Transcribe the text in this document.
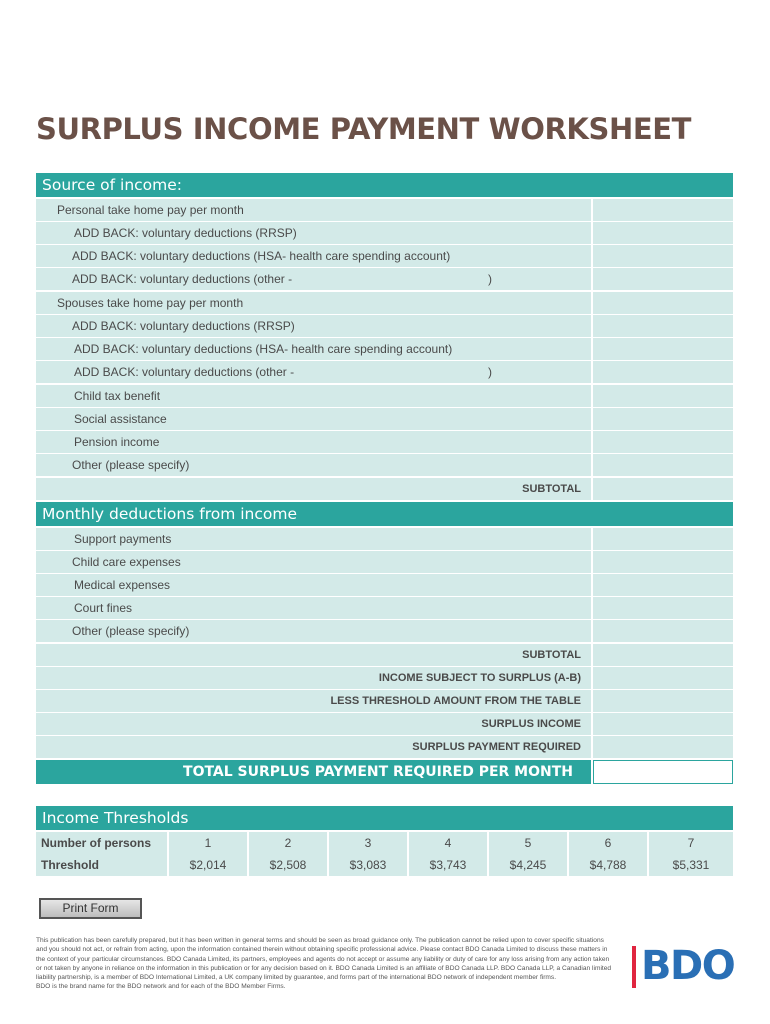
SURPLUS INCOME PAYMENT WORKSHEET
Source of income:
Personal take home pay per month
ADD BACK: voluntary deductions (RRSP)
ADD BACK: voluntary deductions (HSA- health care spending account)
ADD BACK: voluntary deductions (other -	)
Spouses take home pay per month
ADD BACK: voluntary deductions (RRSP)
ADD BACK: voluntary deductions (HSA- health care spending account)
ADD BACK: voluntary deductions (other -	)
Child tax benefit
Social assistance
Pension income
Other (please specify)
SUBTOTAL
Monthly deductions from income
Support payments
Child care expenses
Medical expenses
Court fines
Other (please specify)
SUBTOTAL
INCOME SUBJECT TO SURPLUS (A-B)
LESS THRESHOLD AMOUNT FROM THE TABLE
SURPLUS INCOME
SURPLUS PAYMENT REQUIRED
TOTAL SURPLUS PAYMENT REQUIRED PER MONTH
Income Thresholds
Number of persons	1	2	3	4	5	6	7
Threshold	$2,014	$2,508	$3,083	$3,743	$4,245	$4,788	$5,331
Print Form

This publication has been carefully prepared, but it has been written in general terms and should be seen as broad guidance only. The publication cannot be relied upon to cover specific situations

and you should not act, or refrain from acting, upon the information contained therein without obtaining specific professional advice. Please contact BDO Canada Limited to discuss these matters in

the context of your particular circumstances. BDO Canada Limited, its partners, employees and agents do not accept or assume any liability or duty of care for any loss arising from any action taken

or not taken by anyone in reliance on the information in this publication or for any decision based on it. BDO Canada Limited is an affiliate of BDO Canada LLP. BDO Canada LLP, a Canadian limited

liability partnership, is a member of BDO International Limited, a UK company limited by guarantee, and forms part of the international BDO network of independent member firms.

BDO is the brand name for the BDO network and for each of the BDO Member Firms.	BDO
